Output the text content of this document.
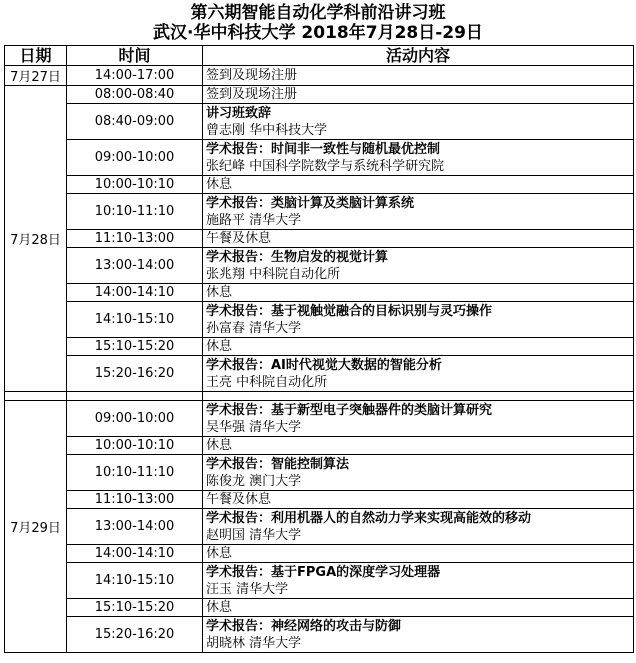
第六期智能自动化学科前沿讲习班
武汉·华中科技大学 2018年7月28日-29日
日期	时间	活动内容
7月27日	14:00-17:00	签到及现场注册
7月28日	08:00-08:40	签到及现场注册
	08:40-09:00	讲习班致辞
曾志刚 华中科技大学

	09:00-10:00	学术报告：时间非一致性与随机最优控制
张纪峰 中国科学院数学与系统科学研究院

	10:00-10:10	休息
	10:10-11:10	学术报告：类脑计算及类脑计算系统
施路平 清华大学

	11:10-13:00	午餐及休息
	13:00-14:00	学术报告：生物启发的视觉计算
张兆翔 中科院自动化所

	14:00-14:10	休息
	14:10-15:10	学术报告：基于视触觉融合的目标识别与灵巧操作
孙富春 清华大学

	15:10-15:20	休息
	15:20-16:20	学术报告：AI时代视觉大数据的智能分析
王亮 中科院自动化所

7月29日	09:00-10:00	学术报告：基于新型电子突触器件的类脑计算研究
吴华强 清华大学

	10:00-10:10	休息
	10:10-11:10	学术报告：智能控制算法
陈俊龙 澳门大学

	11:10-13:00	午餐及休息
	13:00-14:00	学术报告：利用机器人的自然动力学来实现高能效的移动
赵明国 清华大学

	14:00-14:10	休息
	14:10-15:10	学术报告：基于FPGA的深度学习处理器
汪玉 清华大学

	15:10-15:20	休息
	15:20-16:20	学术报告：神经网络的攻击与防御
胡晓林 清华大学
